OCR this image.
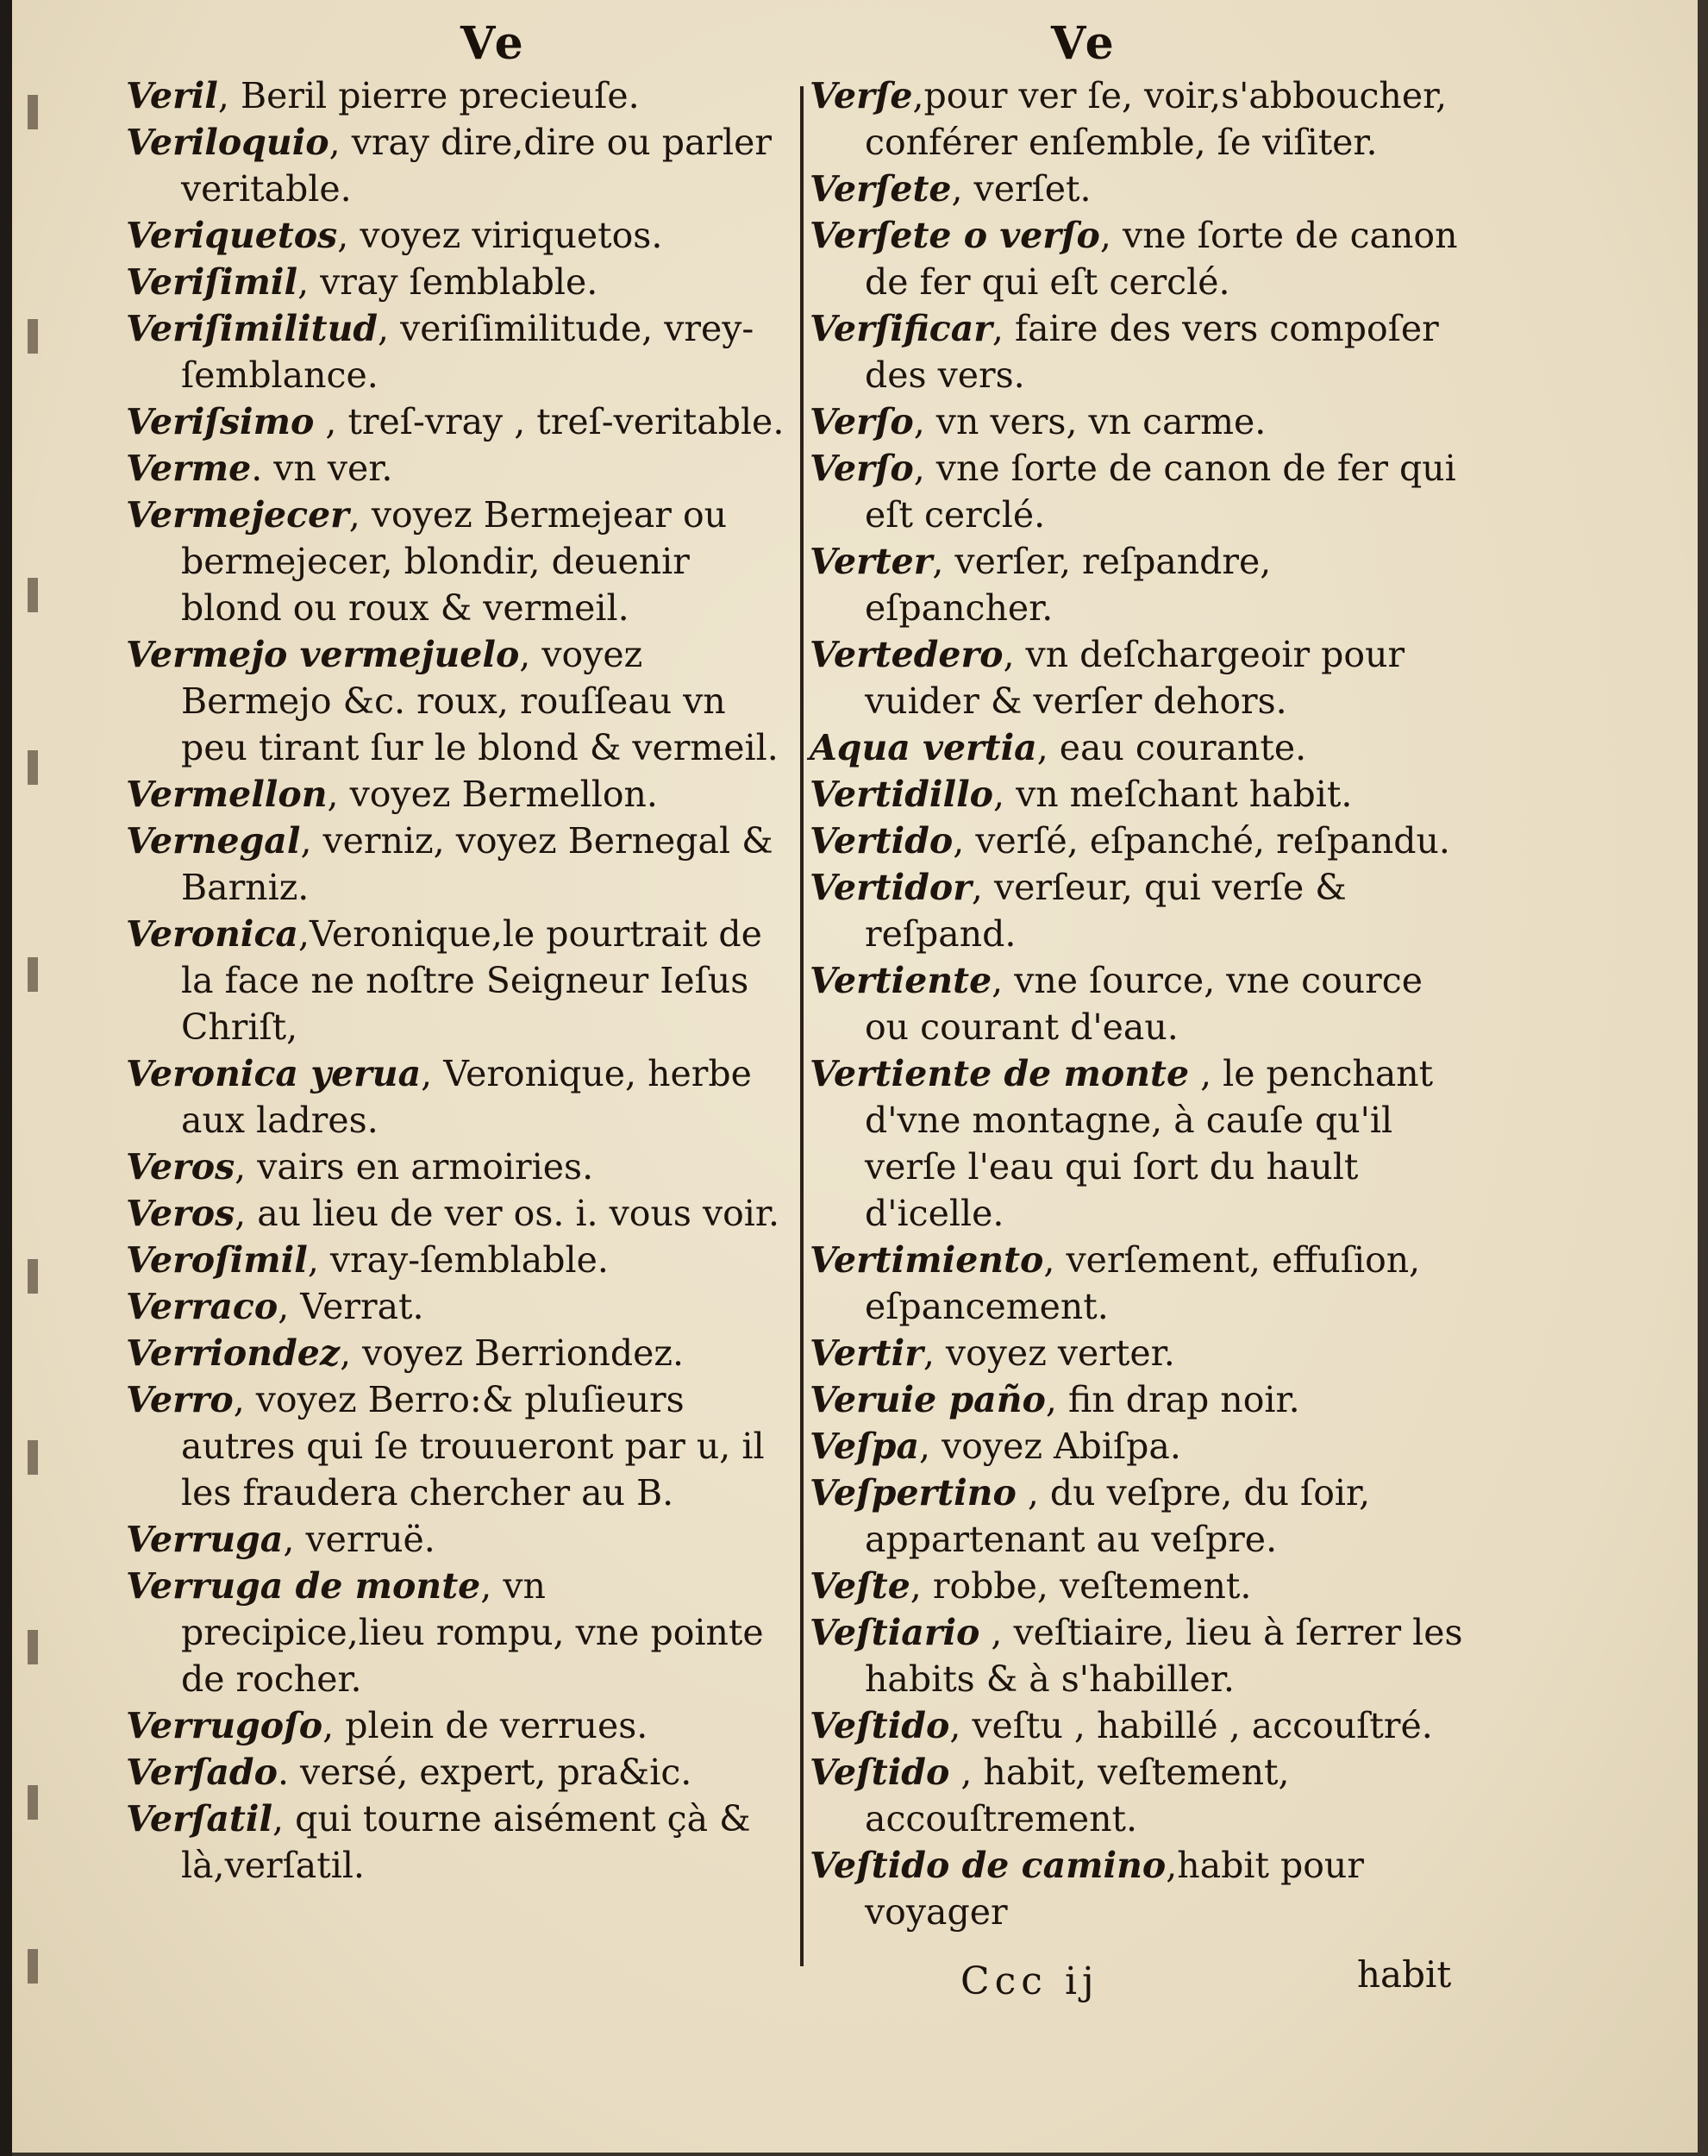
Ve	Ve

Veril, Beril pierre precieuſe.

Veriloquio, vray dire,dire ou parler veritable.

Veriquetos, voyez viriquetos.

Veriſimil, vray ſemblable.

Veriſimilitud, veriſimilitude, vrey-ſemblance.

Veriſsimo , treſ-vray , treſ-veritable.

Verme. vn ver.

Vermejecer, voyez Bermejear ou bermejecer, blondir, deuenir blond ou roux & vermeil.

Vermejo vermejuelo, voyez Bermejo &c. roux, rouſſeau vn peu tirant ſur le blond & vermeil.

Vermellon, voyez Bermellon.

Vernegal, verniz, voyez Bernegal & Barniz.

Veronica,Veronique,le pourtrait de la face ne noſtre Seigneur Ieſus Chriſt,

Veronica yerua, Veronique, herbe aux ladres.

Veros, vairs en armoiries.

Veros, au lieu de ver os. i. vous voir.

Veroſimil, vray-ſemblable.

Verraco, Verrat.

Verriondez, voyez Berriondez.

Verro, voyez Berro:& pluſieurs autres qui ſe trouueront par u, il les fraudera chercher au B.

Verruga, verruë.

Verruga de monte, vn precipice,lieu rompu, vne pointe de rocher.

Verrugoſo, plein de verrues.

Verſado. versé, expert, pra&ic.

Verſatil, qui tourne aisément çà & là,verſatil.

Verſe,pour ver ſe, voir,s'abboucher, conférer enſemble, ſe viſiter.

Verſete, verſet.

Verſete o verſo, vne ſorte de canon de fer qui eſt cerclé.

Verſificar, faire des vers compoſer des vers.

Verſo, vn vers, vn carme.

Verſo, vne ſorte de canon de fer qui eſt cerclé.

Verter, verſer, reſpandre, eſpancher.

Vertedero, vn deſchargeoir pour vuider & verſer dehors.

Aqua vertia, eau courante.

Vertidillo, vn meſchant habit.

Vertido, verſé, eſpanché, reſpandu.

Vertidor, verſeur, qui verſe & reſpand.

Vertiente, vne ſource, vne cource ou courant d'eau.

Vertiente de monte , le penchant d'vne montagne, à cauſe qu'il verſe l'eau qui ſort du hault d'icelle.

Vertimiento, verſement, effuſion, eſpancement.

Vertir, voyez verter.

Veruie paño, fin drap noir.

Veſpa, voyez Abiſpa.

Veſpertino , du veſpre, du ſoir, appartenant au veſpre.

Veſte, robbe, veſtement.

Veſtiario , veſtiaire, lieu à ſerrer les habits & à s'habiller.

Veſtido, veſtu , habillé , accouſtré.

Veſtido , habit, veſtement, accouſtrement.

Veſtido de camino,habit pour voyager

Ccc ij	habit
